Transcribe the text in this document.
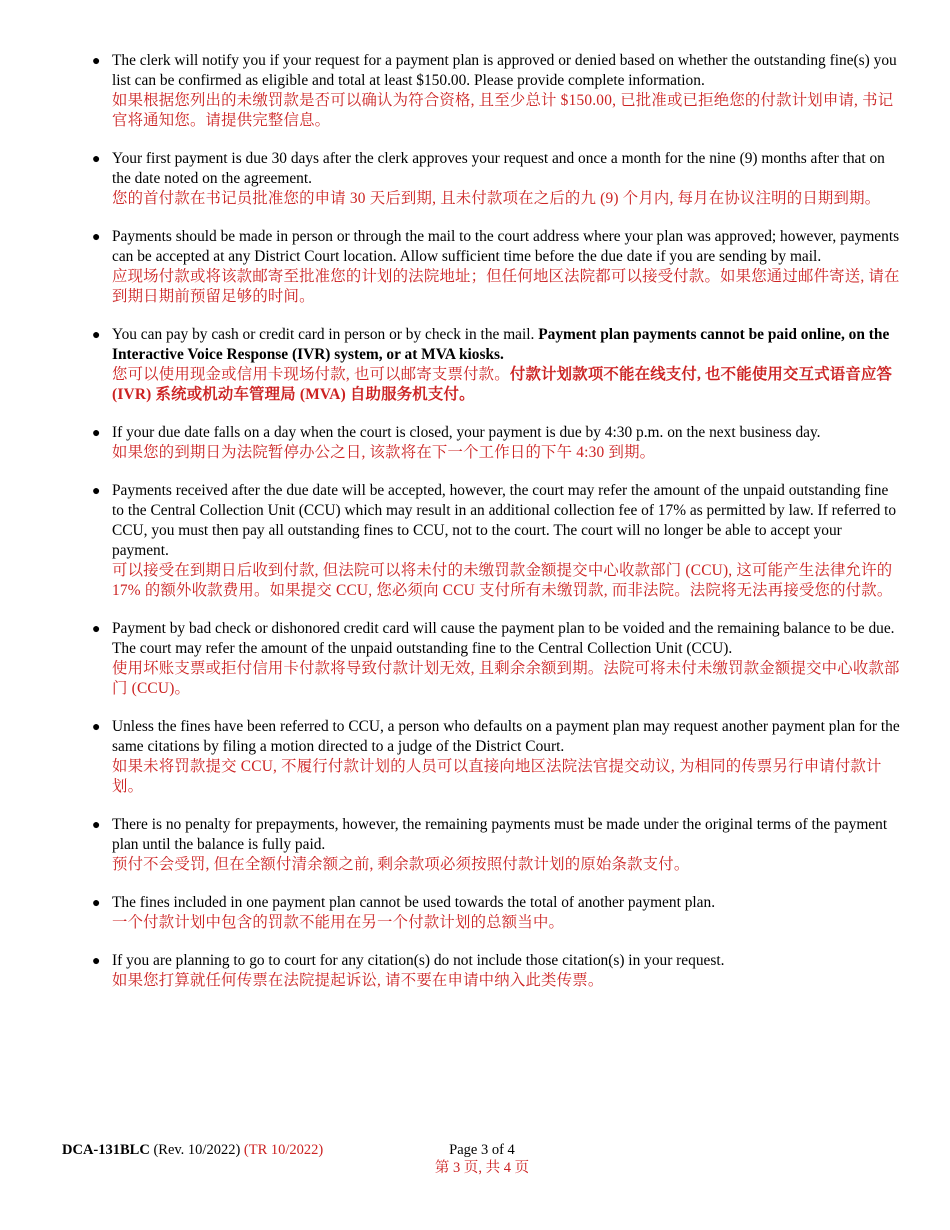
● The clerk will notify you if your request for a payment plan is approved or denied based on whether the outstanding fine(s) you list can be confirmed as eligible and total at least $150.00. Please provide complete information.

如果根据您列出的未缴罚款是否可以确认为符合资格, 且至少总计 $150.00, 已批准或已拒绝您的付款计划申请, 书记官将通知您。请提供完整信息。

● Your first payment is due 30 days after the clerk approves your request and once a month for the nine (9) months after that on the date noted on the agreement.

您的首付款在书记员批准您的申请 30 天后到期, 且未付款项在之后的九 (9) 个月内, 每月在协议注明的日期到期。

● Payments should be made in person or through the mail to the court address where your plan was approved; however, payments can be accepted at any District Court location. Allow sufficient time before the due date if you are sending by mail.

应现场付款或将该款邮寄至批准您的计划的法院地址；但任何地区法院都可以接受付款。如果您通过邮件寄送, 请在到期日期前预留足够的时间。

● You can pay by cash or credit card in person or by check in the mail. Payment plan payments cannot be paid online, on the Interactive Voice Response (IVR) system, or at MVA kiosks.

您可以使用现金或信用卡现场付款, 也可以邮寄支票付款。付款计划款项不能在线支付, 也不能使用交互式语音应答 (IVR) 系统或机动车管理局 (MVA) 自助服务机支付。

● If your due date falls on a day when the court is closed, your payment is due by 4:30 p.m. on the next business day.

如果您的到期日为法院暂停办公之日, 该款将在下一个工作日的下午 4:30 到期。

● Payments received after the due date will be accepted, however, the court may refer the amount of the unpaid outstanding fine to the Central Collection Unit (CCU) which may result in an additional collection fee of 17% as permitted by law. If referred to CCU, you must then pay all outstanding fines to CCU, not to the court. The court will no longer be able to accept your payment.

可以接受在到期日后收到付款, 但法院可以将未付的未缴罚款金额提交中心收款部门 (CCU), 这可能产生法律允许的 17% 的额外收款费用。如果提交 CCU, 您必须向 CCU 支付所有未缴罚款, 而非法院。法院将无法再接受您的付款。

● Payment by bad check or dishonored credit card will cause the payment plan to be voided and the remaining balance to be due. The court may refer the amount of the unpaid outstanding fine to the Central Collection Unit (CCU).

使用坏账支票或拒付信用卡付款将导致付款计划无效, 且剩余余额到期。法院可将未付未缴罚款金额提交中心收款部门 (CCU)。

● Unless the fines have been referred to CCU, a person who defaults on a payment plan may request another payment plan for the same citations by filing a motion directed to a judge of the District Court.

如果未将罚款提交 CCU, 不履行付款计划的人员可以直接向地区法院法官提交动议, 为相同的传票另行申请付款计划。

● There is no penalty for prepayments, however, the remaining payments must be made under the original terms of the payment plan until the balance is fully paid.

预付不会受罚, 但在全额付清余额之前, 剩余款项必须按照付款计划的原始条款支付。

● The fines included in one payment plan cannot be used towards the total of another payment plan.

一个付款计划中包含的罚款不能用在另一个付款计划的总额当中。

● If you are planning to go to court for any citation(s) do not include those citation(s) in your request.

如果您打算就任何传票在法院提起诉讼, 请不要在申请中纳入此类传票。

DCA-131BLC (Rev. 10/2022) (TR 10/2022)	Page 3 of 4
第 3 页, 共 4 页
